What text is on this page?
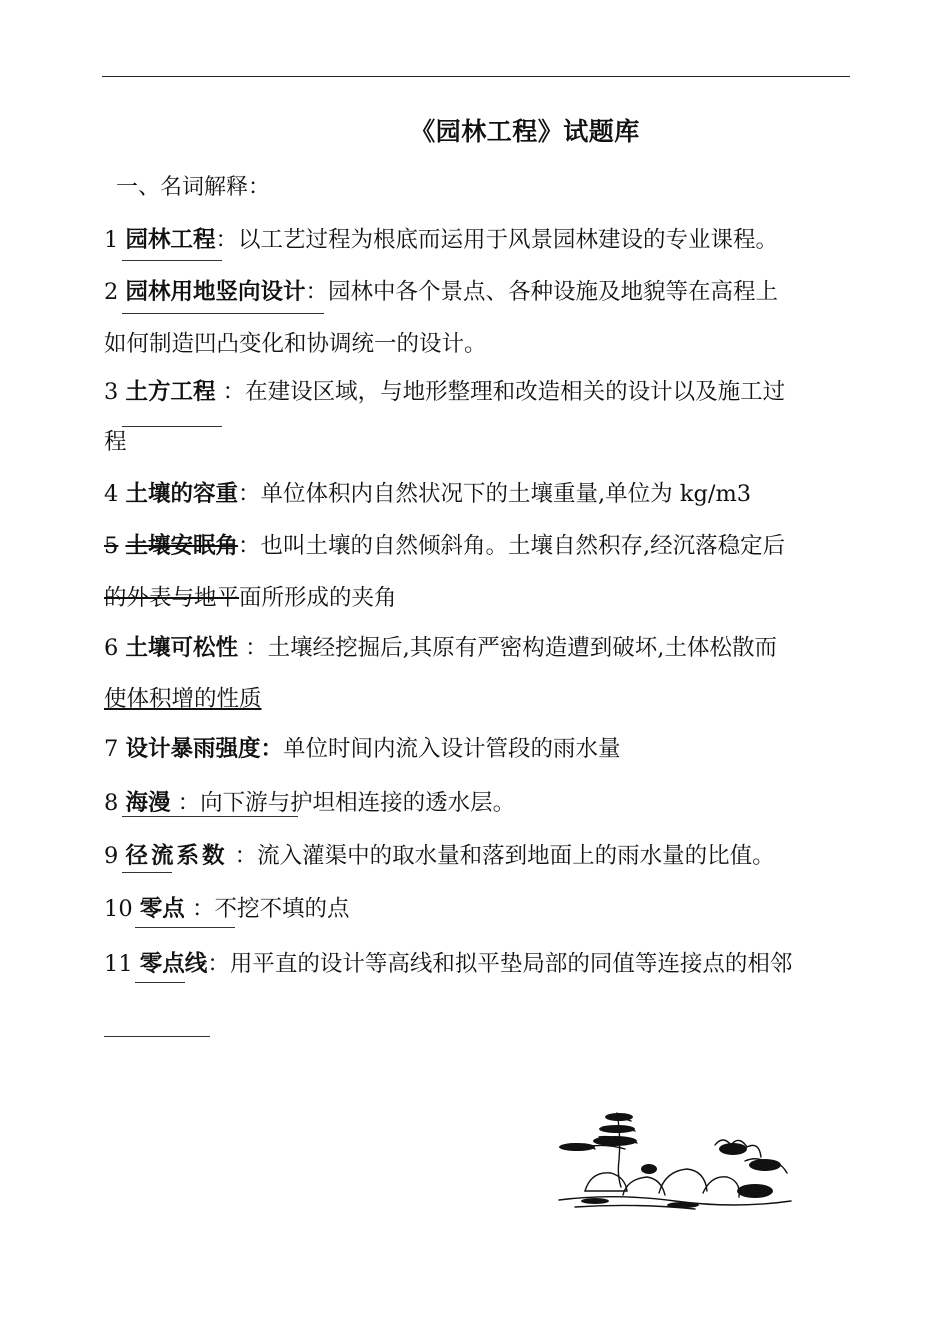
《园林工程》试题库
一、名词解释：
1 园林工程：以工艺过程为根底而运用于风景园林建设的专业课程。
2 园林用地竖向设计：园林中各个景点、各种设施及地貌等在高程上
如何制造凹凸变化和协调统一的设计。
3 土方工程 ：在建设区域，与地形整理和改造相关的设计以及施工过
程
4 土壤的容重：单位体积内自然状况下的土壤重量,单位为 kg/m3
5 土壤安眠角：也叫土壤的自然倾斜角。土壤自然积存,经沉落稳定后
的外表与地平面所形成的夹角
6 土壤可松性 ：土壤经挖掘后,其原有严密构造遭到破坏,土体松散而
使体积增的性质
7 设计暴雨强度：单位时间内流入设计管段的雨水量
8 海漫 ：向下游与护坦相连接的透水层。
9 径流系数 ：流入灌渠中的取水量和落到地面上的雨水量的比值。
10 零点 ：不挖不填的点
11 零点线：用平直的设计等高线和拟平垫局部的同值等连接点的相邻
